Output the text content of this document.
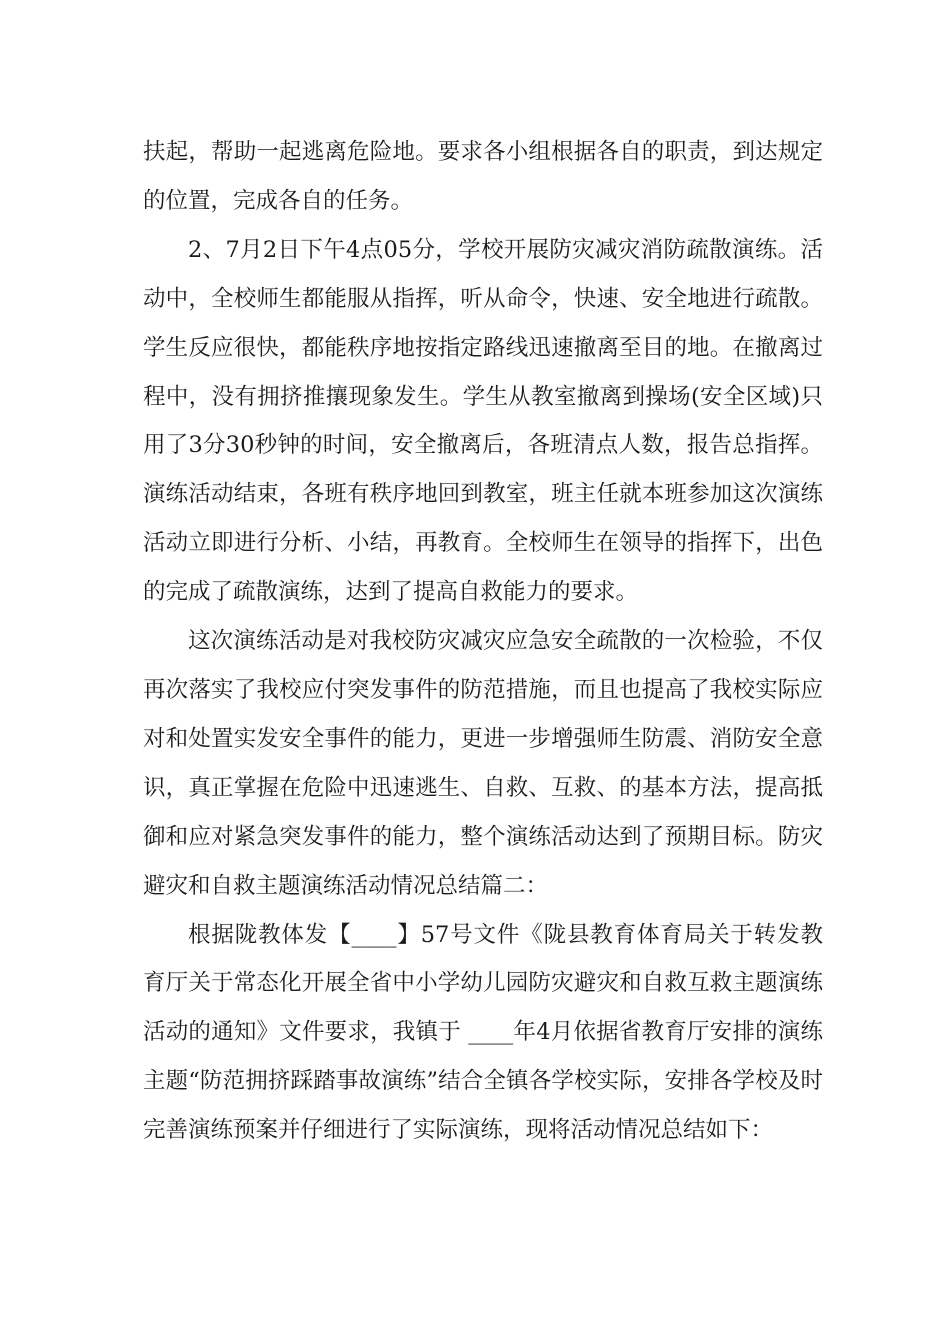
扶起，帮助一起逃离危险地。要求各小组根据各自的职责，到达规定的位置，完成各自的任务。

2、7月2日下午4点05分，学校开展防灾减灾消防疏散演练。活动中，全校师生都能服从指挥，听从命令，快速、安全地进行疏散。学生反应很快，都能秩序地按指定路线迅速撤离至目的地。在撤离过程中，没有拥挤推攘现象发生。学生从教室撤离到操场(安全区域)只用了3分30秒钟的时间，安全撤离后，各班清点人数，报告总指挥。演练活动结束，各班有秩序地回到教室，班主任就本班参加这次演练活动立即进行分析、小结，再教育。全校师生在领导的指挥下，出色的完成了疏散演练，达到了提高自救能力的要求。

这次演练活动是对我校防灾减灾应急安全疏散的一次检验，不仅再次落实了我校应付突发事件的防范措施，而且也提高了我校实际应对和处置实发安全事件的能力，更进一步增强师生防震、消防安全意识，真正掌握在危险中迅速逃生、自救、互救、的基本方法，提高抵御和应对紧急突发事件的能力，整个演练活动达到了预期目标。防灾避灾和自救主题演练活动情况总结篇二：

根据陇教体发【____】57号文件《陇县教育体育局关于转发教育厅关于常态化开展全省中小学幼儿园防灾避灾和自救互救主题演练活动的通知》文件要求，我镇于 ____年4月依据省教育厅安排的演练主题“防范拥挤踩踏事故演练”结合全镇各学校实际，安排各学校及时完善演练预案并仔细进行了实际演练，现将活动情况总结如下：
